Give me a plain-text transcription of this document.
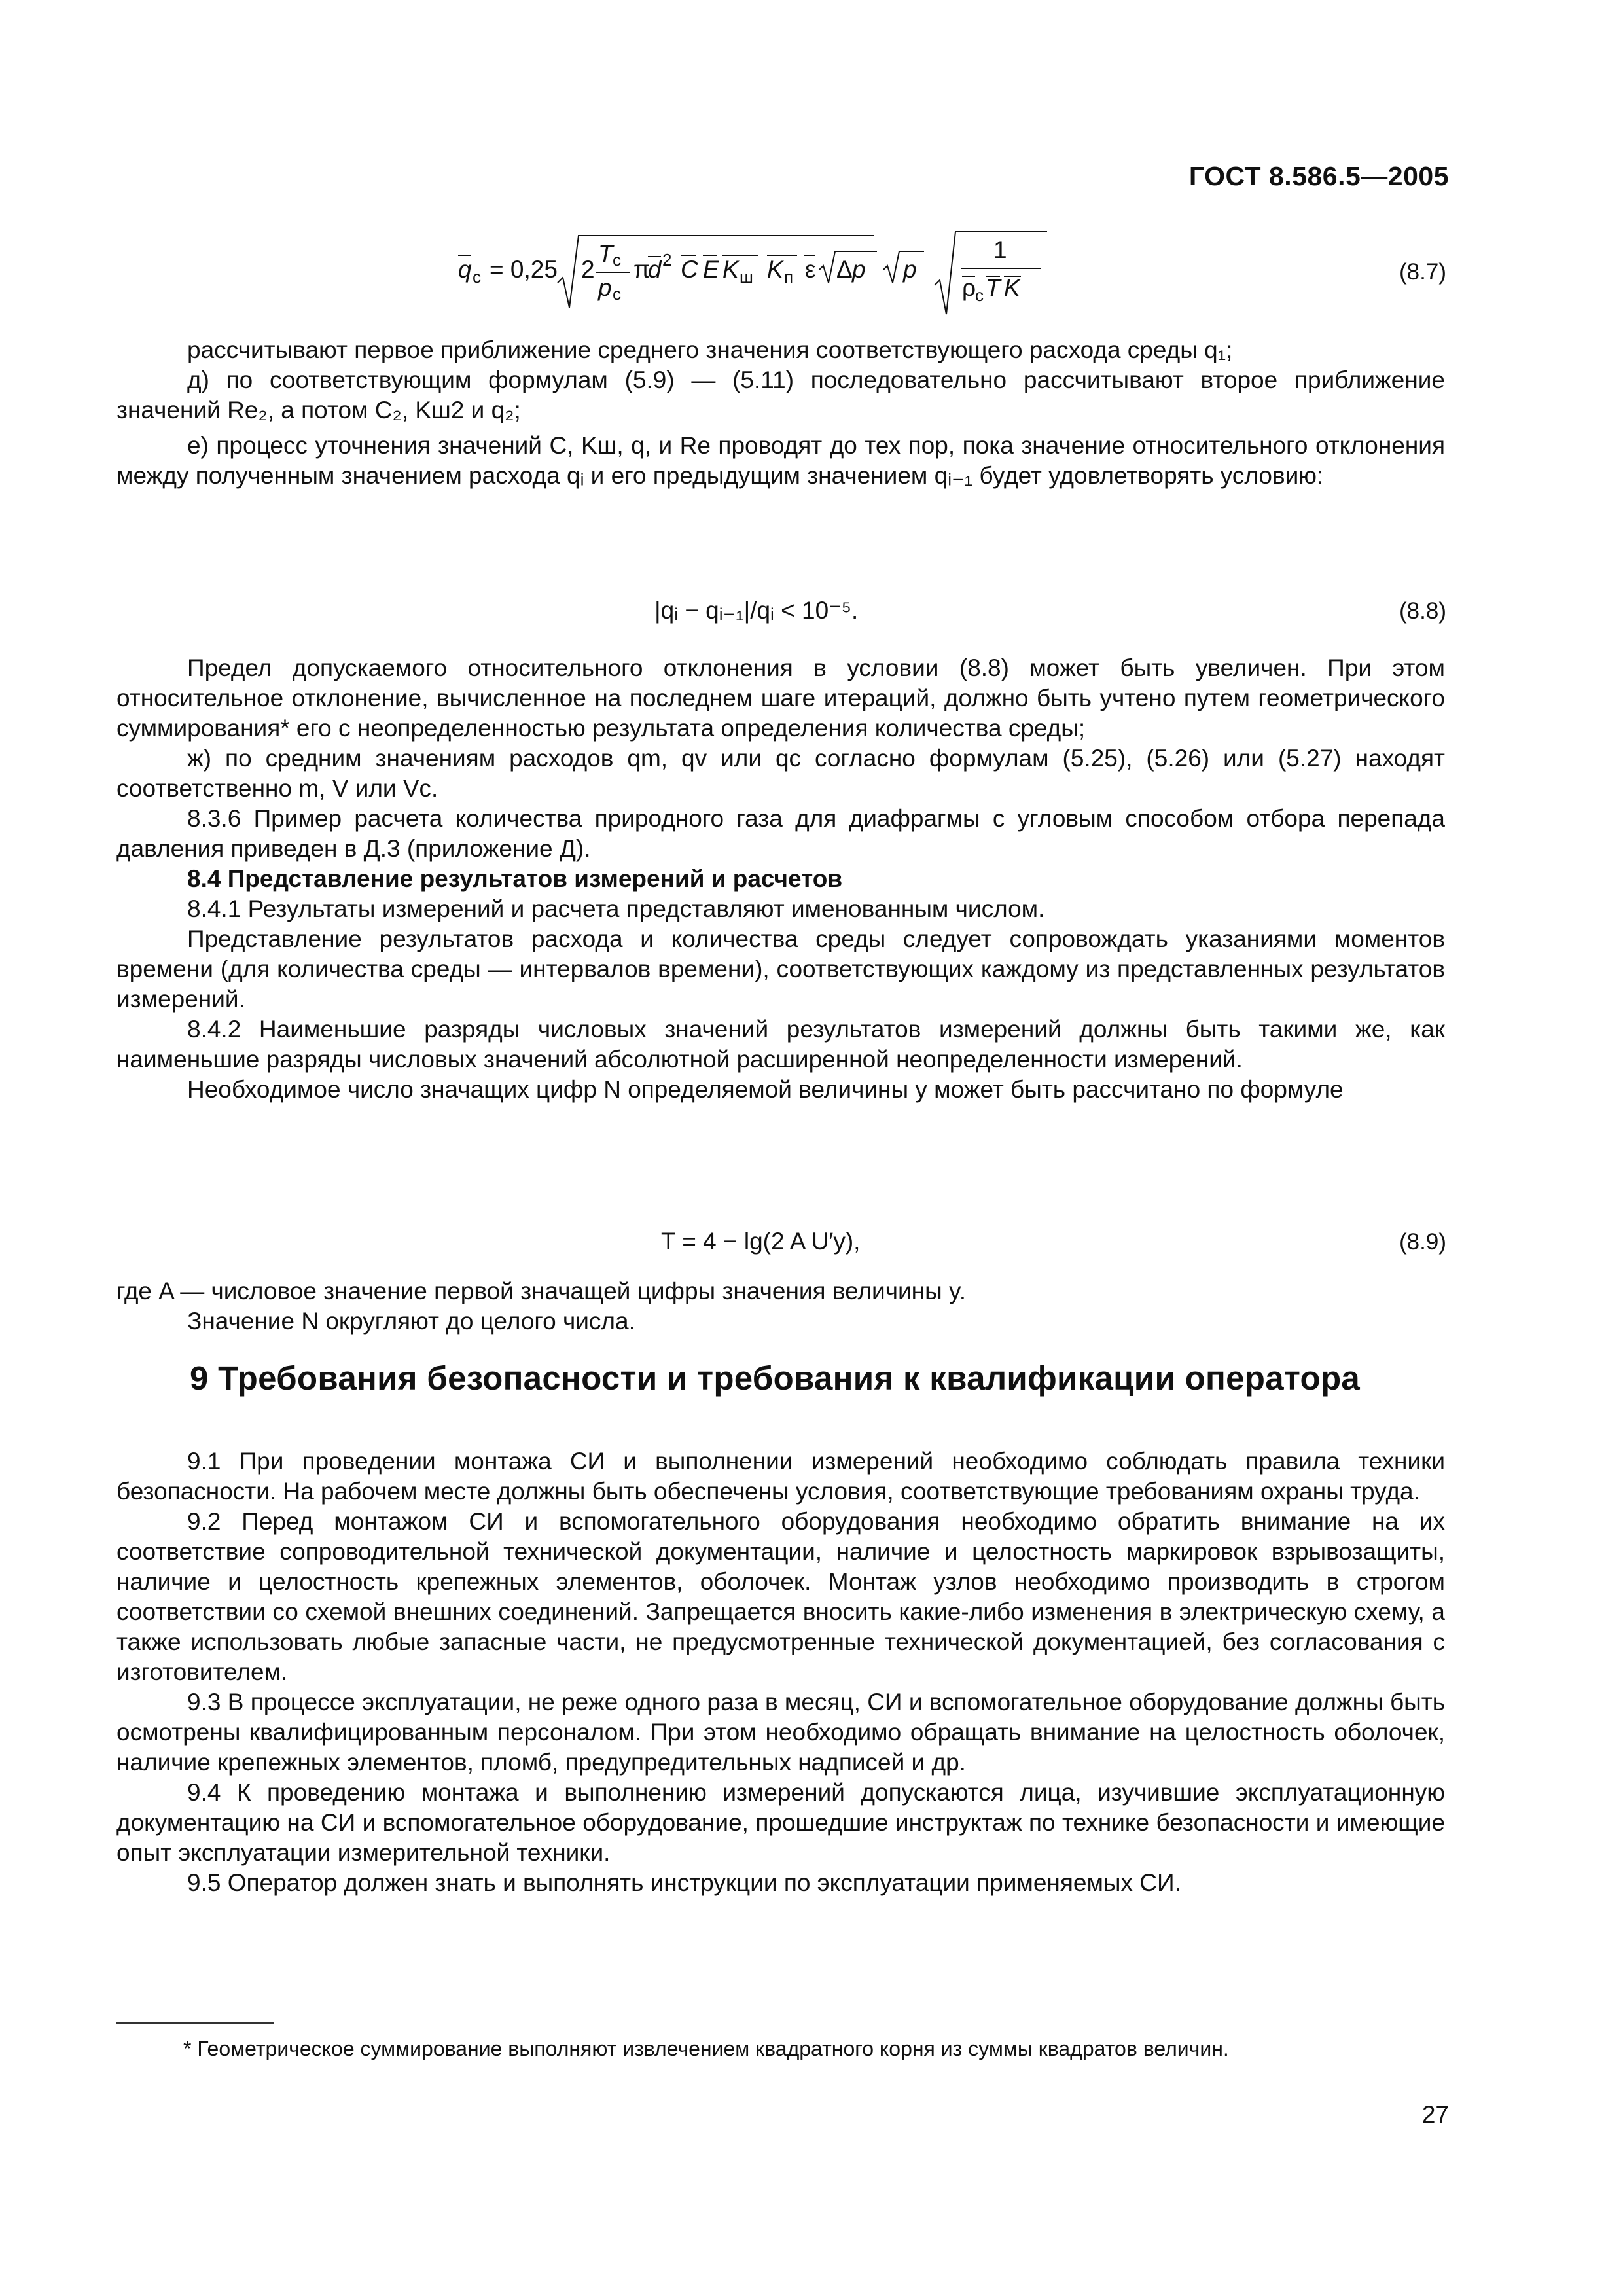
ГОСТ 8.586.5—2005
q c = 0,25 2
T c
p c
π
d 2 C E K ш K п ε Δ p p
1
ρ
c T K
(8.7)

рассчитывают первое приближение среднего значения соответствующего расхода среды q₁;

д) по соответствующим формулам (5.9) — (5.11) последовательно рассчитывают второе приближение значений Re₂, а потом C₂, Kш2 и q₂;

е) процесс уточнения значений C, Kш, q, и Re проводят до тех пор, пока значение относительного отклонения между полученным значением расхода qᵢ и его предыдущим значением qᵢ₋₁ будет удовлетворять условию:

|qᵢ − qᵢ₋₁|/qᵢ < 10⁻⁵.	(8.8)

Предел допускаемого относительного отклонения в условии (8.8) может быть увеличен. При этом относительное отклонение, вычисленное на последнем шаге итераций, должно быть учтено путем геометрического суммирования* его с неопределенностью результата определения количества среды;

ж) по средним значениям расходов qm, qv или qc согласно формулам (5.25), (5.26) или (5.27) находят соответственно m, V или Vc.

8.3.6 Пример расчета количества природного газа для диафрагмы с угловым способом отбора перепада давления приведен в Д.3 (приложение Д).

8.4 Представление результатов измерений и расчетов

8.4.1 Результаты измерений и расчета представляют именованным числом.

Представление результатов расхода и количества среды следует сопровождать указаниями моментов времени (для количества среды — интервалов времени), соответствующих каждому из представленных результатов измерений.

8.4.2 Наименьшие разряды числовых значений результатов измерений должны быть такими же, как наименьшие разряды числовых значений абсолютной расширенной неопределенности измерений.

Необходимое число значащих цифр N определяемой величины y может быть рассчитано по формуле

T = 4 − lg(2 A U′y),	(8.9)

где A — числовое значение первой значащей цифры значения величины y.

Значение N округляют до целого числа.

9 Требования безопасности и требования к квалификации оператора

9.1 При проведении монтажа СИ и выполнении измерений необходимо соблюдать правила техники безопасности. На рабочем месте должны быть обеспечены условия, соответствующие требованиям охраны труда.

9.2 Перед монтажом СИ и вспомогательного оборудования необходимо обратить внимание на их соответствие сопроводительной технической документации, наличие и целостность маркировок взрывозащиты, наличие и целостность крепежных элементов, оболочек. Монтаж узлов необходимо производить в строгом соответствии со схемой внешних соединений. Запрещается вносить какие-либо изменения в электрическую схему, а также использовать любые запасные части, не предусмотренные технической документацией, без согласования с изготовителем.

9.3 В процессе эксплуатации, не реже одного раза в месяц, СИ и вспомогательное оборудование должны быть осмотрены квалифицированным персоналом. При этом необходимо обращать внимание на целостность оболочек, наличие крепежных элементов, пломб, предупредительных надписей и др.

9.4 К проведению монтажа и выполнению измерений допускаются лица, изучившие эксплуатационную документацию на СИ и вспомогательное оборудование, прошедшие инструктаж по технике безопасности и имеющие опыт эксплуатации измерительной техники.

9.5 Оператор должен знать и выполнять инструкции по эксплуатации применяемых СИ.

* Геометрическое суммирование выполняют извлечением квадратного корня из суммы квадратов величин.
27
